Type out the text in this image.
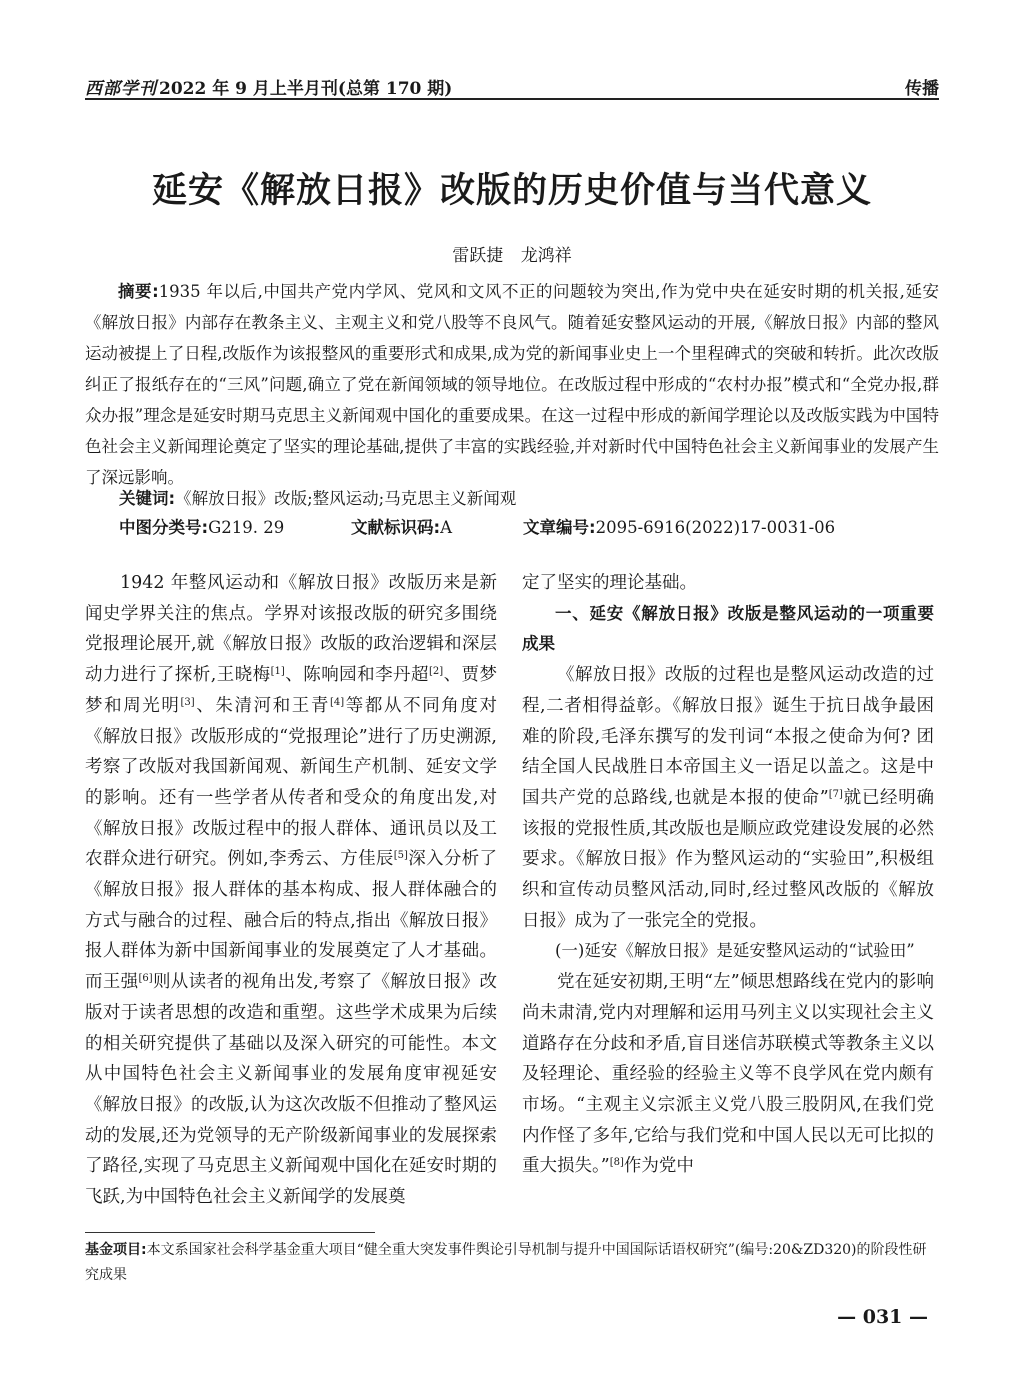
西部学刊 2022 年 9 月上半月刊(总第 170 期)	传播
延安《解放日报》改版的历史价值与当代意义
雷跃捷 龙鸿祥
摘要:1935 年以后,中国共产党内学风、党风和文风不正的问题较为突出,作为党中央在延安时期的机关报,延安《解放日报》内部存在教条主义、主观主义和党八股等不良风气。随着延安整风运动的开展,《解放日报》内部的整风运动被提上了日程,改版作为该报整风的重要形式和成果,成为党的新闻事业史上一个里程碑式的突破和转折。此次改版纠正了报纸存在的“三风”问题,确立了党在新闻领域的领导地位。在改版过程中形成的“农村办报”模式和“全党办报,群众办报”理念是延安时期马克思主义新闻观中国化的重要成果。在这一过程中形成的新闻学理论以及改版实践为中国特色社会主义新闻理论奠定了坚实的理论基础,提供了丰富的实践经验,并对新时代中国特色社会主义新闻事业的发展产生了深远影响。
关键词:《解放日报》改版;整风运动;马克思主义新闻观
中图分类号:G219. 29	文献标识码:A	文章编号:2095-6916(2022)17-0031-06

1942 年整风运动和《解放日报》改版历来是新闻史学界关注的焦点。学界对该报改版的研究多围绕党报理论展开,就《解放日报》改版的政治逻辑和深层动力进行了探析,王晓梅[1]、陈响园和李丹超[2]、贾梦梦和周光明[3]、朱清河和王青[4]等都从不同角度对《解放日报》改版形成的“党报理论”进行了历史溯源,考察了改版对我国新闻观、新闻生产机制、延安文学的影响。还有一些学者从传者和受众的角度出发,对《解放日报》改版过程中的报人群体、通讯员以及工农群众进行研究。例如,李秀云、方佳辰[5]深入分析了《解放日报》报人群体的基本构成、报人群体融合的方式与融合的过程、融合后的特点,指出《解放日报》报人群体为新中国新闻事业的发展奠定了人才基础。而王强[6]则从读者的视角出发,考察了《解放日报》改版对于读者思想的改造和重塑。这些学术成果为后续的相关研究提供了基础以及深入研究的可能性。本文从中国特色社会主义新闻事业的发展角度审视延安《解放日报》的改版,认为这次改版不但推动了整风运动的发展,还为党领导的无产阶级新闻事业的发展探索了路径,实现了马克思主义新闻观中国化在延安时期的飞跃,为中国特色社会主义新闻学的发展奠

定了坚实的理论基础。

一、延安《解放日报》改版是整风运动的一项重要成果

《解放日报》改版的过程也是整风运动改造的过程,二者相得益彰。《解放日报》诞生于抗日战争最困难的阶段,毛泽东撰写的发刊词“本报之使命为何? 团结全国人民战胜日本帝国主义一语足以盖之。这是中国共产党的总路线,也就是本报的使命”[7]就已经明确该报的党报性质,其改版也是顺应政党建设发展的必然要求。《解放日报》作为整风运动的“实验田”,积极组织和宣传动员整风活动,同时,经过整风改版的《解放日报》成为了一张完全的党报。

(一)延安《解放日报》是延安整风运动的“试验田”

党在延安初期,王明“左”倾思想路线在党内的影响尚未肃清,党内对理解和运用马列主义以实现社会主义道路存在分歧和矛盾,盲目迷信苏联模式等教条主义以及轻理论、重经验的经验主义等不良学风在党内颇有市场。“主观主义宗派主义党八股三股阴风,在我们党内作怪了多年,它给与我们党和中国人民以无可比拟的重大损失。”[8]作为党中

基金项目:本文系国家社会科学基金重大项目“健全重大突发事件舆论引导机制与提升中国国际话语权研究”(编号:20&ZD320)的阶段性研究成果
— 031 —
